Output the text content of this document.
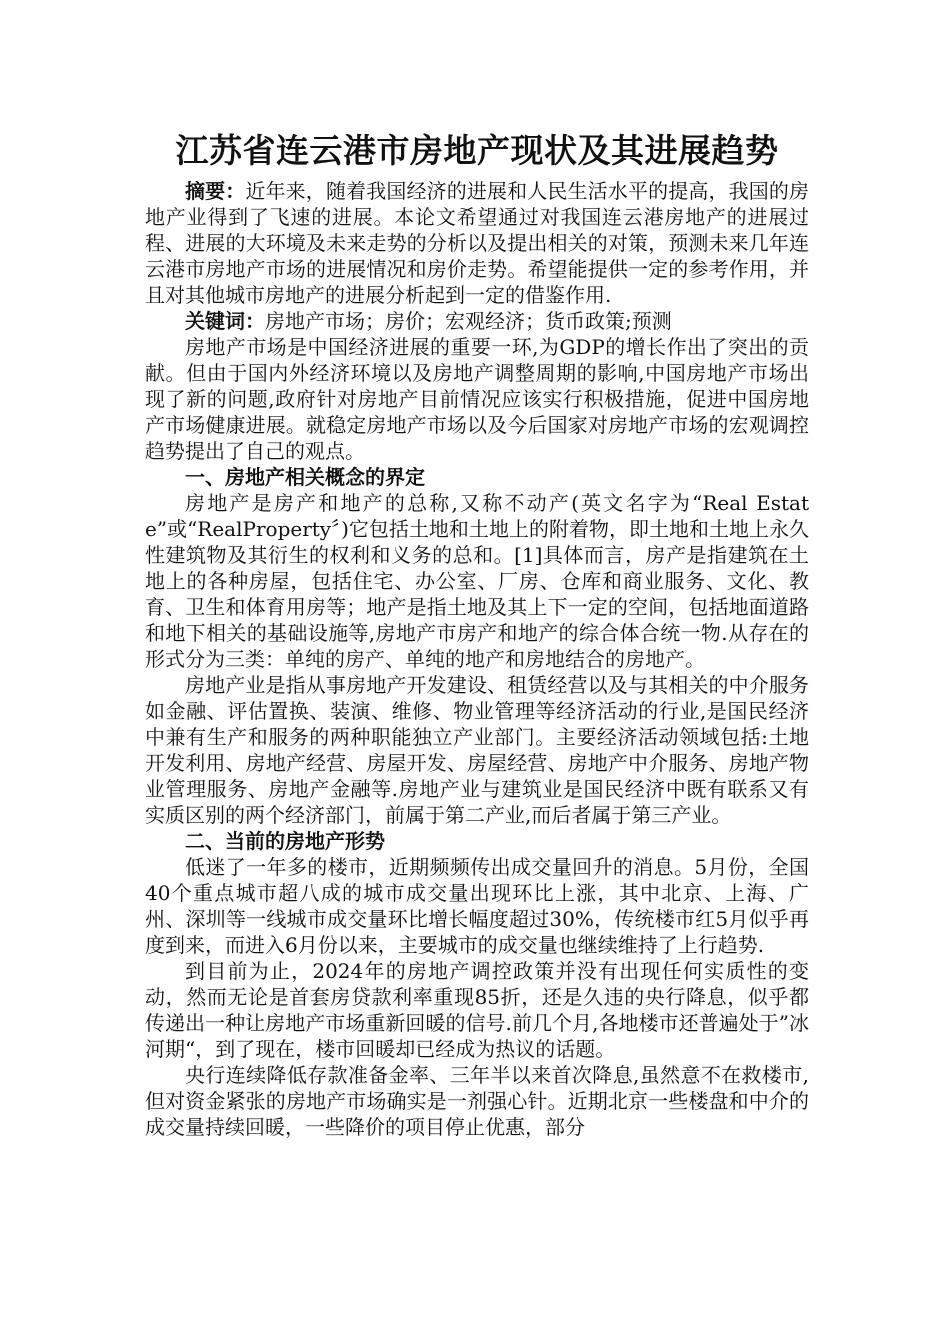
江苏省连云港市房地产现状及其进展趋势

摘要：近年来，随着我国经济的进展和人民生活水平的提高，我国的房地产业得到了飞速的进展。本论文希望通过对我国连云港房地产的进展过程、进展的大环境及未来走势的分析以及提出相关的对策，预测未来几年连云港市房地产市场的进展情况和房价走势。希望能提供一定的参考作用，并且对其他城市房地产的进展分析起到一定的借鉴作用.

关键词：房地产市场；房价；宏观经济；货币政策;预测

房地产市场是中国经济进展的重要一环,为GDP的增长作出了突出的贡献。但由于国内外经济环境以及房地产调整周期的影响,中国房地产市场出现了新的问题,政府针对房地产目前情况应该实行积极措施，促进中国房地产市场健康进展。就稳定房地产市场以及今后国家对房地产市场的宏观调控趋势提出了自己的观点。

一、房地产相关概念的界定

房地产是房产和地产的总称,又称不动产(英文名字为“Real Estate”或“RealProperty〞)它包括土地和土地上的附着物，即土地和土地上永久性建筑物及其衍生的权利和义务的总和。[1]具体而言，房产是指建筑在土地上的各种房屋，包括住宅、办公室、厂房、仓库和商业服务、文化、教育、卫生和体育用房等；地产是指土地及其上下一定的空间，包括地面道路和地下相关的基础设施等,房地产市房产和地产的综合体合统一物.从存在的形式分为三类：单纯的房产、单纯的地产和房地结合的房地产。

房地产业是指从事房地产开发建设、租赁经营以及与其相关的中介服务如金融、评估置换、装演、维修、物业管理等经济活动的行业,是国民经济中兼有生产和服务的两种职能独立产业部门。主要经济活动领域包括:土地开发利用、房地产经营、房屋开发、房屋经营、房地产中介服务、房地产物业管理服务、房地产金融等.房地产业与建筑业是国民经济中既有联系又有实质区别的两个经济部门，前属于第二产业,而后者属于第三产业。

二、当前的房地产形势

低迷了一年多的楼市，近期频频传出成交量回升的消息。5月份，全国40个重点城市超八成的城市成交量出现环比上涨，其中北京、上海、广州、深圳等一线城市成交量环比增长幅度超过30%，传统楼市红5月似乎再度到来，而进入6月份以来，主要城市的成交量也继续维持了上行趋势.

到目前为止，2024年的房地产调控政策并没有出现任何实质性的变动，然而无论是首套房贷款利率重现85折，还是久违的央行降息，似乎都传递出一种让房地产市场重新回暖的信号.前几个月,各地楼市还普遍处于”冰河期“，到了现在，楼市回暖却已经成为热议的话题。

央行连续降低存款准备金率、三年半以来首次降息,虽然意不在救楼市,但对资金紧张的房地产市场确实是一剂强心针。近期北京一些楼盘和中介的成交量持续回暖，一些降价的项目停止优惠，部分
